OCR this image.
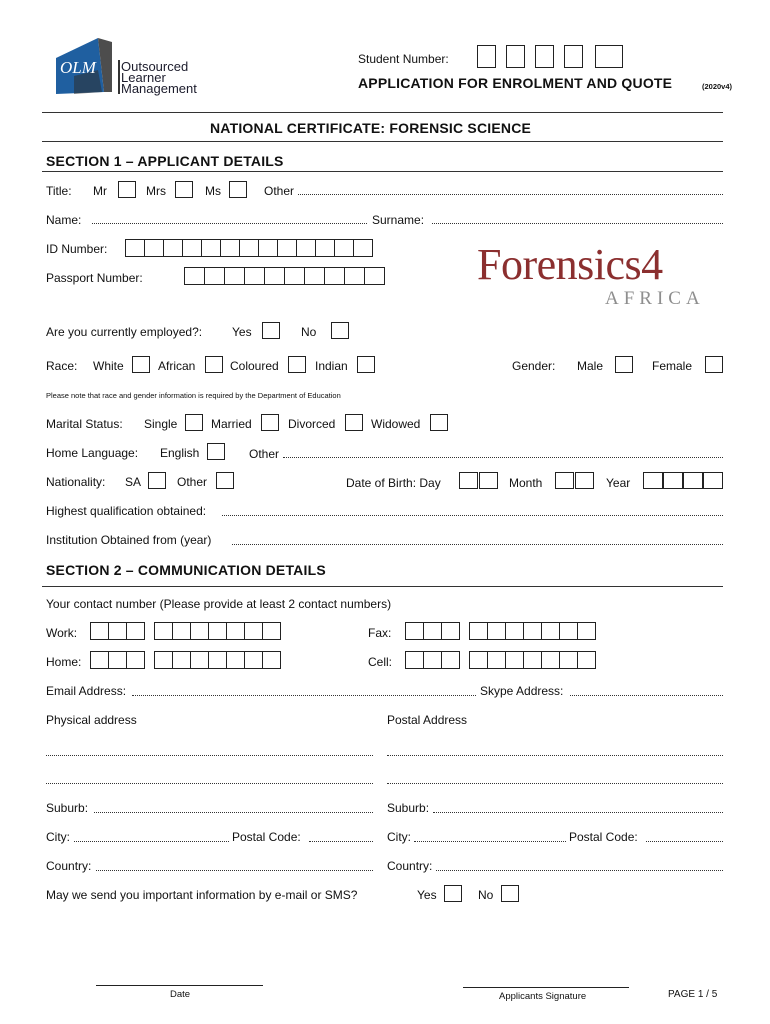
OLM Outsourced
Learner
Management
Student Number:
APPLICATION FOR ENROLMENT AND QUOTE	(2020v4)
NATIONAL CERTIFICATE: FORENSIC SCIENCE
SECTION 1 – APPLICANT DETAILS
Title: Mr	Mrs	Ms	Other
Name:	Surname:
ID Number:
Passport Number:	Forensics4
AFRICA
Are you currently employed?: Yes	No
Race: White	African	Coloured	Indian	Gender: Male	Female
Please note that race and gender information is required by the Department of Education
Marital Status: Single	Married	Divorced	Widowed
Home Language: English	Other
Nationality: SA	Other	Date of Birth: Day	Month	Year
Highest qualification obtained:
Institution Obtained from (year)
SECTION 2 – COMMUNICATION DETAILS
Your contact number (Please provide at least 2 contact numbers)
Work:	Fax:
Home:	Cell:
Email Address:	Skype Address:
Physical address	Postal Address
Suburb:	Suburb:
City:	Postal Code:	City:	Postal Code:
Country:	Country:
May we send you important information by e-mail or SMS?	Yes	No
Date	Applicants Signature	PAGE 1 / 5
